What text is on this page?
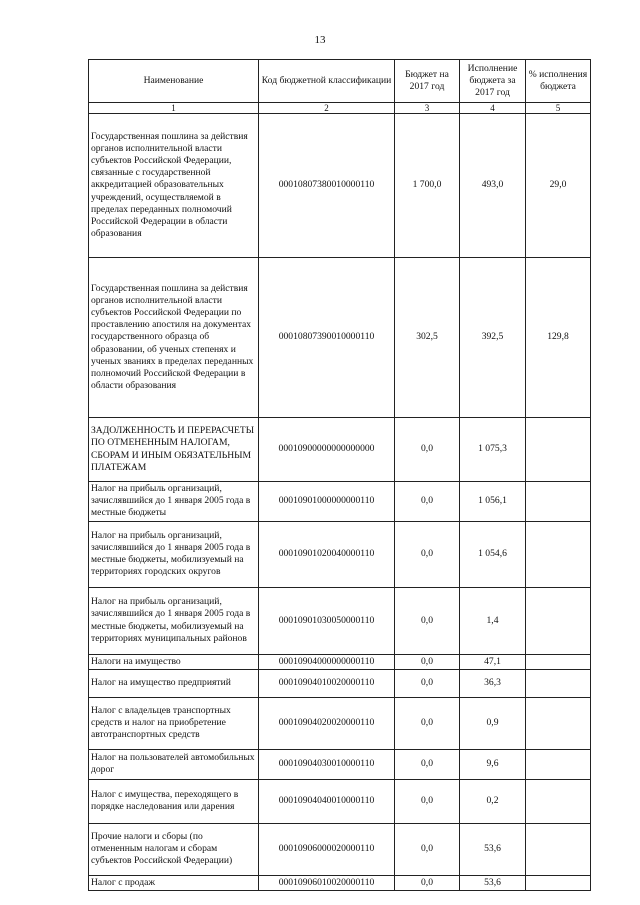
13
Наименование	Код бюджетной классификации	Бюджет на 2017 год	Исполнение бюджета за 2017 год	% исполнения бюджета
1	2	3	4	5
Государственная пошлина за действия органов исполнительной власти субъектов Российской Федерации, связанные с государственной аккредитацией образовательных учреждений, осуществляемой в пределах переданных полномочий Российской Федерации в области образования	00010807380010000110	1 700,0	493,0	29,0
Государственная пошлина за действия органов исполнительной власти субъектов Российской Федерации по проставлению апостиля на документах государственного образца об образовании, об ученых степенях и ученых званиях в пределах переданных полномочий Российской Федерации в области образования	00010807390010000110	302,5	392,5	129,8
ЗАДОЛЖЕННОСТЬ И ПЕРЕРАСЧЕТЫ ПО ОТМЕНЕННЫМ НАЛОГАМ, СБОРАМ И ИНЫМ ОБЯЗАТЕЛЬНЫМ ПЛАТЕЖАМ	00010900000000000000	0,0	1 075,3	
Налог на прибыль организаций, зачислявшийся до 1 января 2005 года в местные бюджеты	00010901000000000110	0,0	1 056,1	
Налог на прибыль организаций, зачислявшийся до 1 января 2005 года в местные бюджеты, мобилизуемый на территориях городских округов	00010901020040000110	0,0	1 054,6	
Налог на прибыль организаций, зачислявшийся до 1 января 2005 года в местные бюджеты, мобилизуемый на территориях муниципальных районов	00010901030050000110	0,0	1,4	
Налоги на имущество	00010904000000000110	0,0	47,1	
Налог на имущество предприятий	00010904010020000110	0,0	36,3	
Налог с владельцев транспортных средств и налог на приобретение автотранспортных средств	00010904020020000110	0,0	0,9	
Налог на пользователей автомобильных дорог	00010904030010000110	0,0	9,6	
Налог с имущества, переходящего в порядке наследования или дарения	00010904040010000110	0,0	0,2	
Прочие налоги и сборы (по отмененным налогам и сборам субъектов Российской Федерации)	00010906000020000110	0,0	53,6	
Налог с продаж	00010906010020000110	0,0	53,6	
